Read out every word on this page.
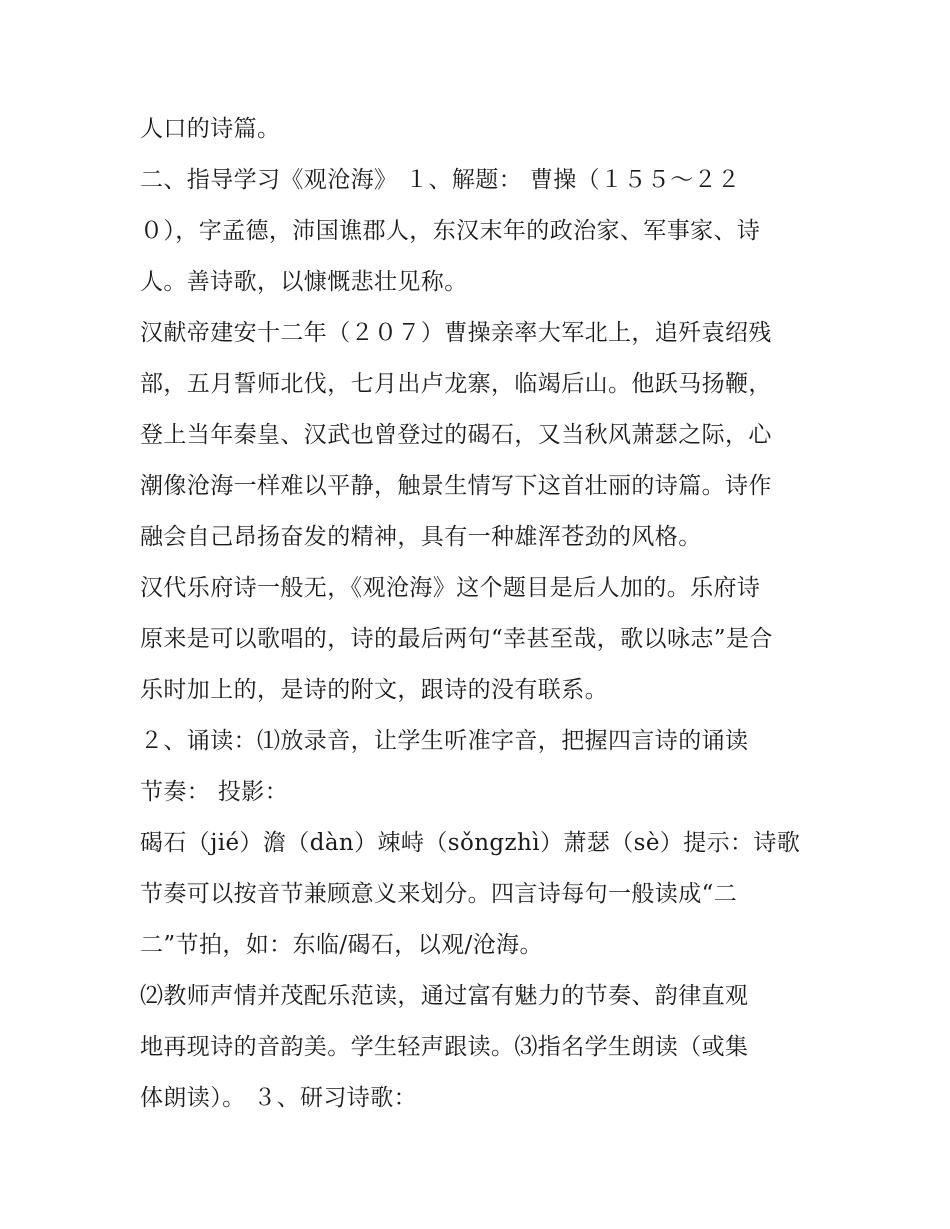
人口的诗篇。
二、指导学习《观沧海》 １、解题： 曹操（１５５～２２
０），字孟德，沛国谯郡人，东汉末年的政治家、军事家、诗
人。善诗歌，以慷慨悲壮见称。
汉献帝建安十二年（２０７）曹操亲率大军北上，追歼袁绍残
部，五月誓师北伐，七月出卢龙寨，临竭后山。他跃马扬鞭，
登上当年秦皇、汉武也曾登过的碣石，又当秋风萧瑟之际，心
潮像沧海一样难以平静，触景生情写下这首壮丽的诗篇。诗作
融会自己昂扬奋发的精神，具有一种雄浑苍劲的风格。
汉代乐府诗一般无，《观沧海》这个题目是后人加的。乐府诗
原来是可以歌唱的，诗的最后两句“幸甚至哉，歌以咏志”是合
乐时加上的，是诗的附文，跟诗的没有联系。
２、诵读：⑴放录音，让学生听准字音，把握四言诗的诵读
节奏： 投影：
碣石（jié）澹（dàn）竦峙（sǒngzhì）萧瑟（sè）提示：诗歌
节奏可以按音节兼顾意义来划分。四言诗每句一般读成“二
二”节拍，如：东临/碣石，以观/沧海。
⑵教师声情并茂配乐范读，通过富有魅力的节奏、韵律直观
地再现诗的音韵美。学生轻声跟读。⑶指名学生朗读（或集
体朗读）。 ３、研习诗歌：
